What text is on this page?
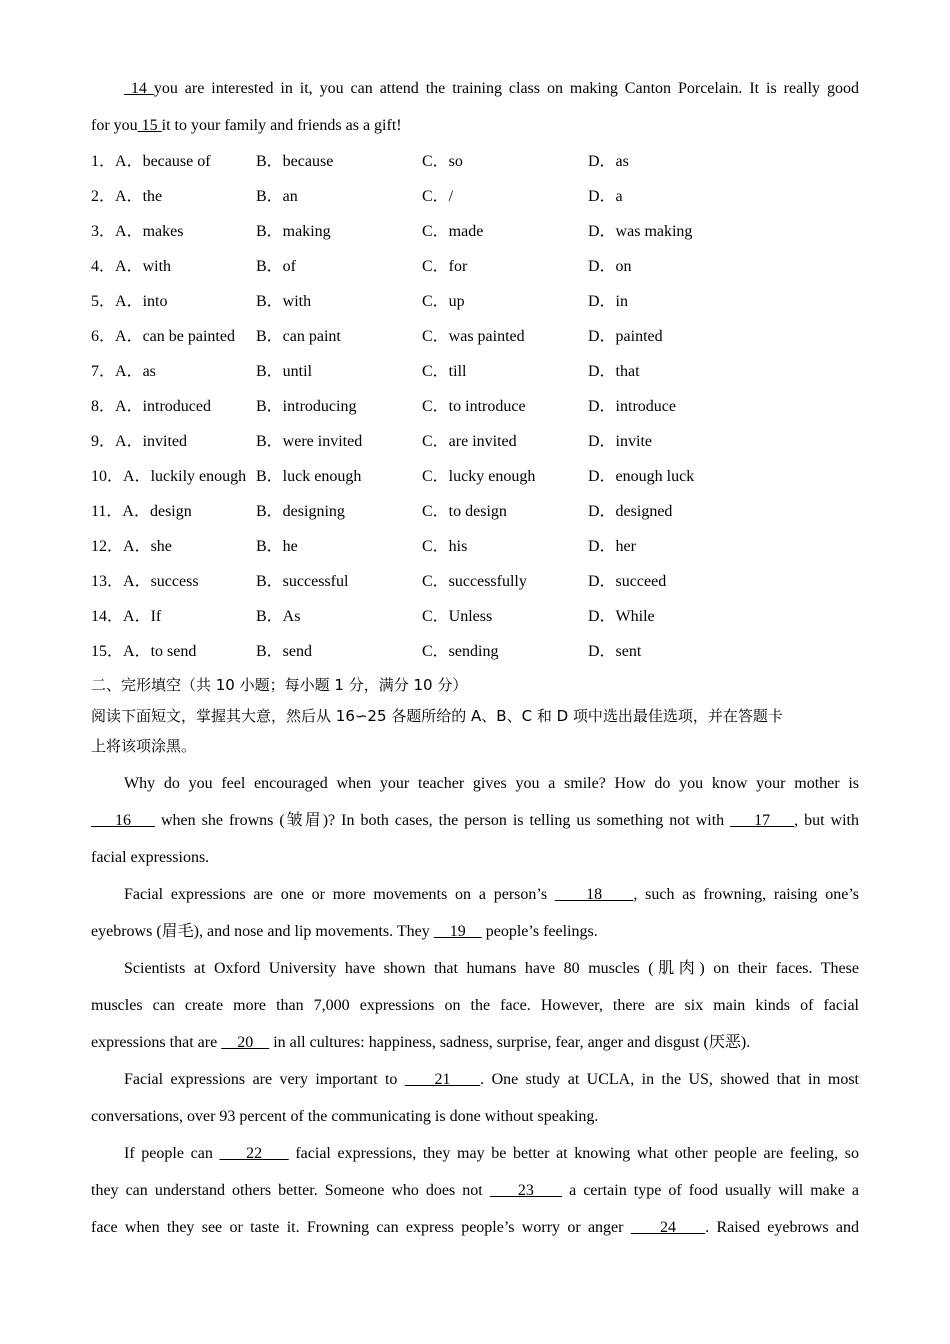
14 you are interested in it, you can attend the training class on making Canton Porcelain. It is really good
for you 15 it to your family and friends as a gift!
1．A．because of	B．because	C．so	D．as
2．A．the	B．an	C．/	D．a
3．A．makes	B．making	C．made	D．was making
4．A．with	B．of	C．for	D．on
5．A．into	B．with	C．up	D．in
6．A．can be painted B．can paint	C．was painted	D．painted
7．A．as	B．until	C．till	D．that
8．A．introduced	B．introducing	C．to introduce	D．introduce
9．A．invited	B．were invited	C．are invited	D．invite
10．A．luckily enough B．luck enough	C．lucky enough	D．enough luck
11．A．design	B．designing	C．to design	D．designed
12．A．she	B．he	C．his	D．her
13．A．success	B．successful	C．successfully	D．succeed
14．A．If	B．As	C．Unless	D．While
15．A．to send	B．send	C．sending	D．sent
二、完形填空（共 10 小题；每小题 1 分，满分 10 分）
阅读下面短文，掌握其大意，然后从 16∽25 各题所给的 A、B、C 和 D 项中选出最佳选项，并在答题卡
上将该项涂黑。
Why do you feel encouraged when your teacher gives you a smile? How do you know your mother is
16     when she frowns (皱眉)? In both cases, the person is telling us something not with     17    , but with
facial expressions.
Facial expressions are one or more movements on a person’s     18    , such as frowning, raising one’s
eyebrows (眉毛), and nose and lip movements. They     19     people’s feelings.
Scientists at Oxford University have shown that humans have 80 muscles (肌肉) on their faces. These
muscles can create more than 7,000 expressions on the face. However, there are six main kinds of facial
expressions that are     20     in all cultures: happiness, sadness, surprise, fear, anger and disgust (厌恶).
Facial expressions are very important to     21    . One study at UCLA, in the US, showed that in most
conversations, over 93 percent of the communicating is done without speaking.
If people can     22     facial expressions, they may be better at knowing what other people are feeling, so
they can understand others better. Someone who does not     23     a certain type of food usually will make a
face when they see or taste it. Frowning can express people’s worry or anger     24    . Raised eyebrows and
